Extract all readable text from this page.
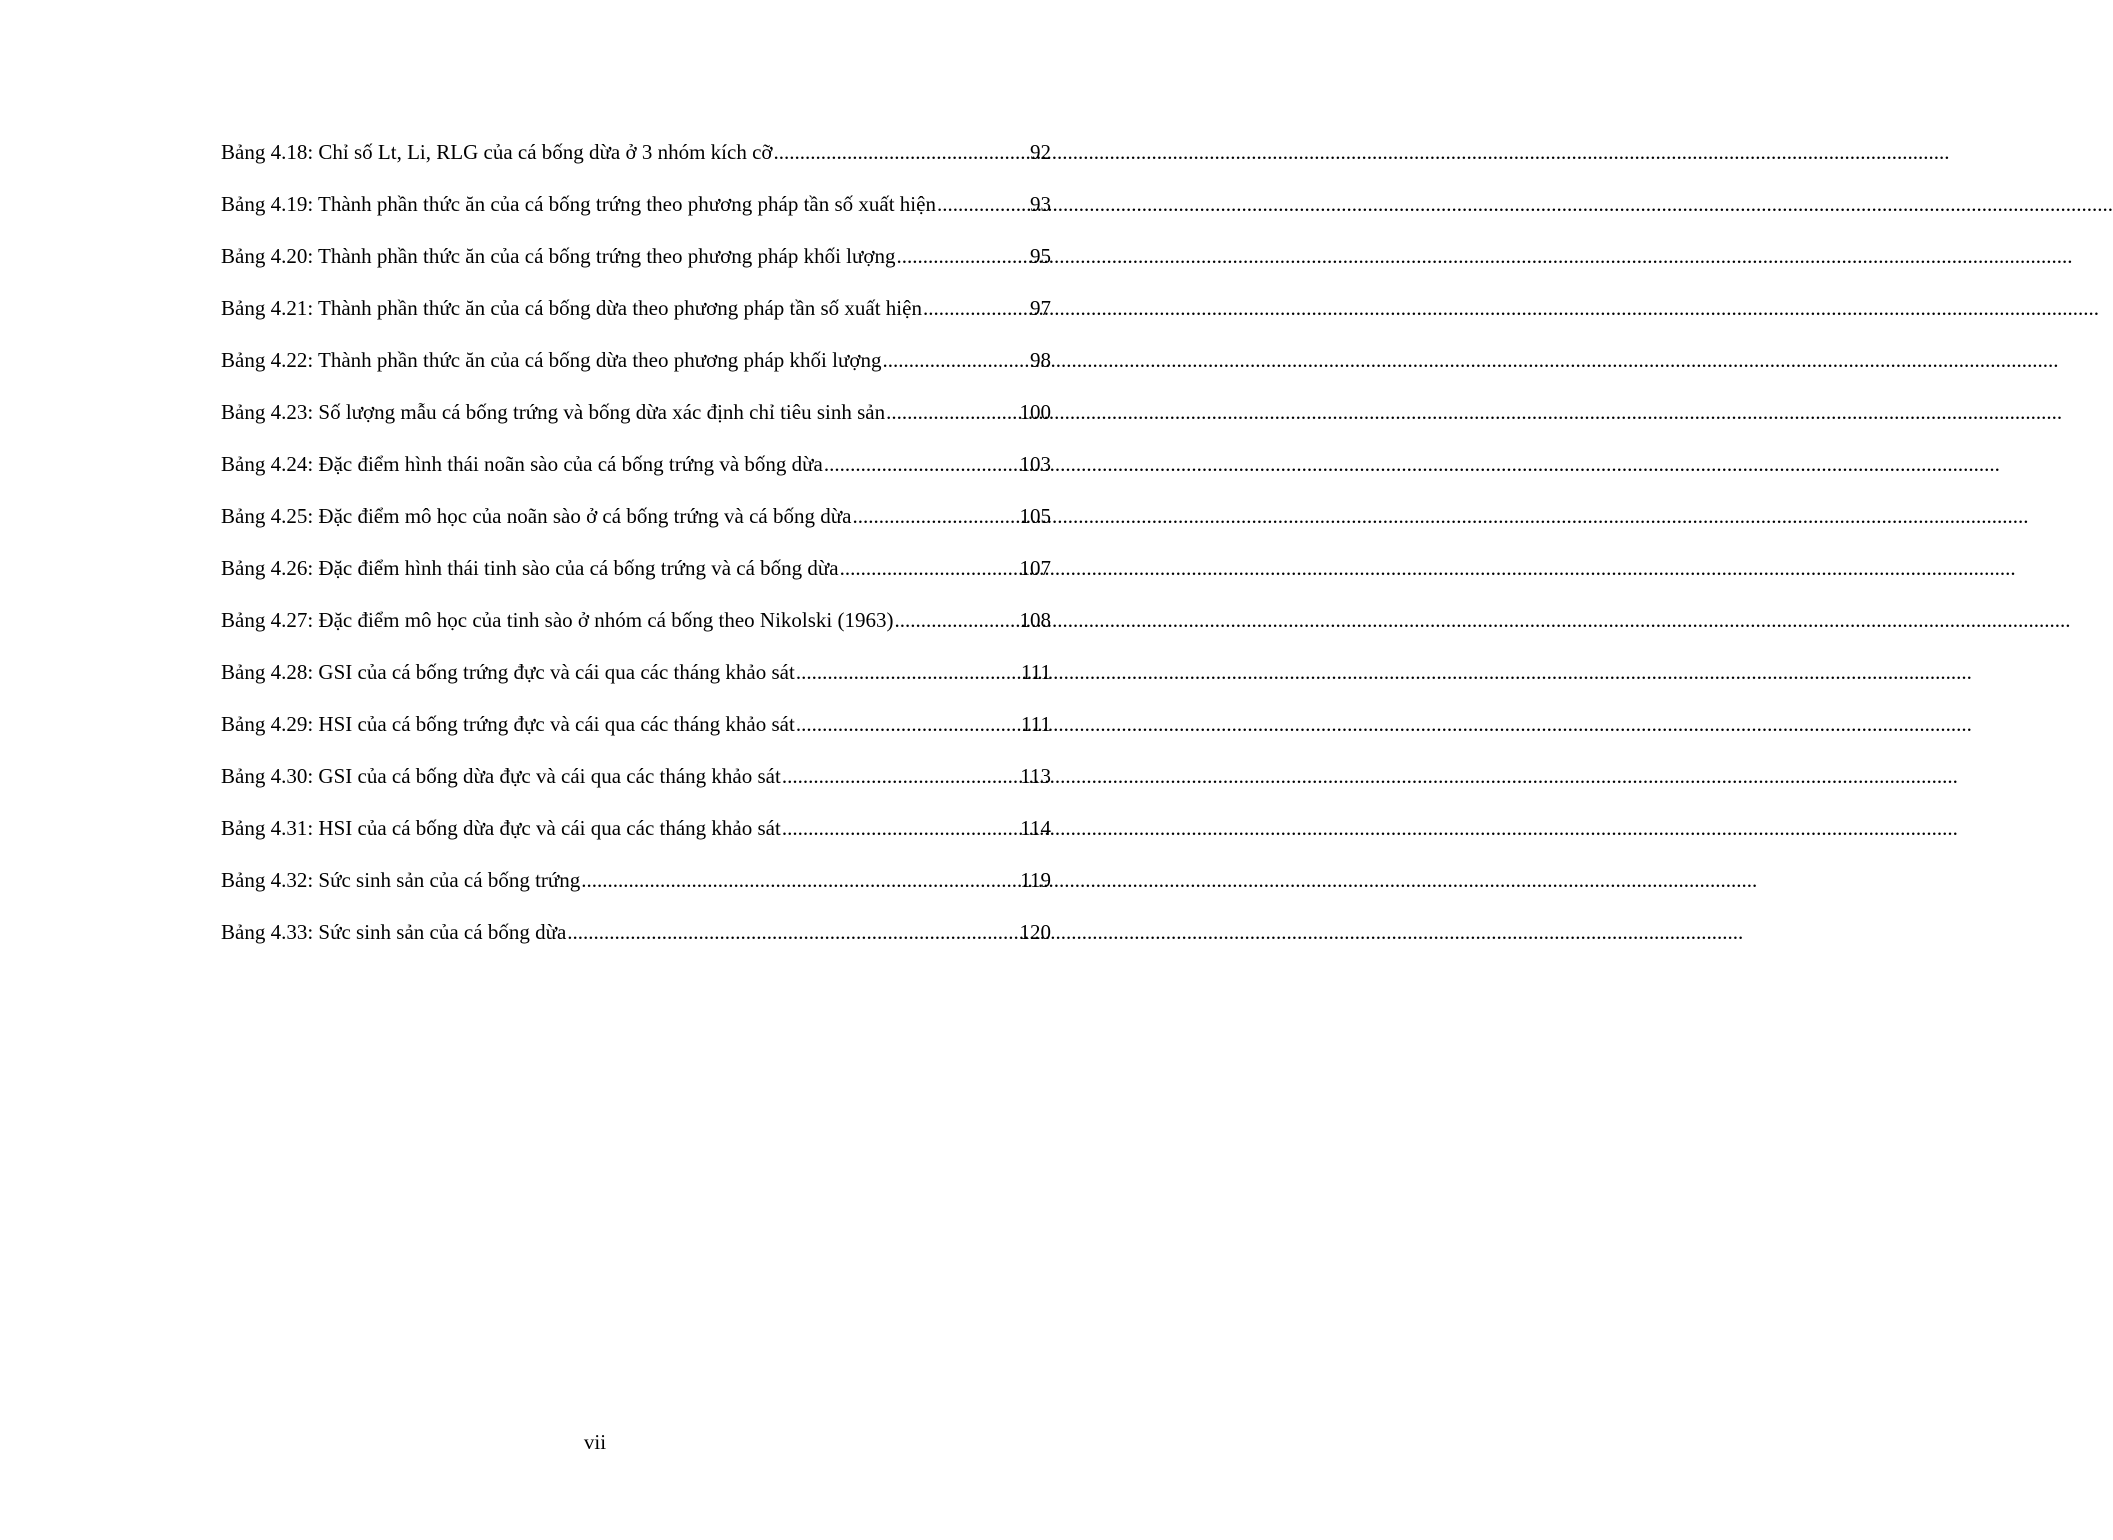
Bảng 4.18: Chỉ số Lt, Li, RLG của cá bống dừa ở 3 nhóm kích cỡ .....	92
Bảng 4.19: Thành phần thức ăn của cá bống trứng theo phương pháp tần số xuất hiện .....	93
Bảng 4.20: Thành phần thức ăn của cá bống trứng theo phương pháp khối lượng .....	95
Bảng 4.21: Thành phần thức ăn của cá bống dừa theo phương pháp tần số xuất hiện .....	97
Bảng 4.22: Thành phần thức ăn của cá bống dừa theo phương pháp khối lượng .....	98
Bảng 4.23: Số lượng mẫu cá bống trứng và bống dừa xác định chỉ tiêu sinh sản .....	100
Bảng 4.24: Đặc điểm hình thái noãn sào của cá bống trứng và bống dừa .....	103
Bảng 4.25: Đặc điểm mô học của noãn sào ở cá bống trứng và cá bống dừa .....	105
Bảng 4.26: Đặc điểm hình thái tinh sào của cá bống trứng và cá bống dừa .....	107
Bảng 4.27: Đặc điểm mô học của tinh sào ở nhóm cá bống theo Nikolski (1963) .....	108
Bảng 4.28: GSI của cá bống trứng đực và cái qua các tháng khảo sát .....	111
Bảng 4.29: HSI của cá bống trứng đực và cái qua các tháng khảo sát .....	111
Bảng 4.30: GSI của cá bống dừa đực và cái qua các tháng khảo sát .....	113
Bảng 4.31: HSI của cá bống dừa đực và cái qua các tháng khảo sát .....	114
Bảng 4.32: Sức sinh sản của cá bống trứng .....	119
Bảng 4.33: Sức sinh sản của cá bống dừa .....	120
vii
